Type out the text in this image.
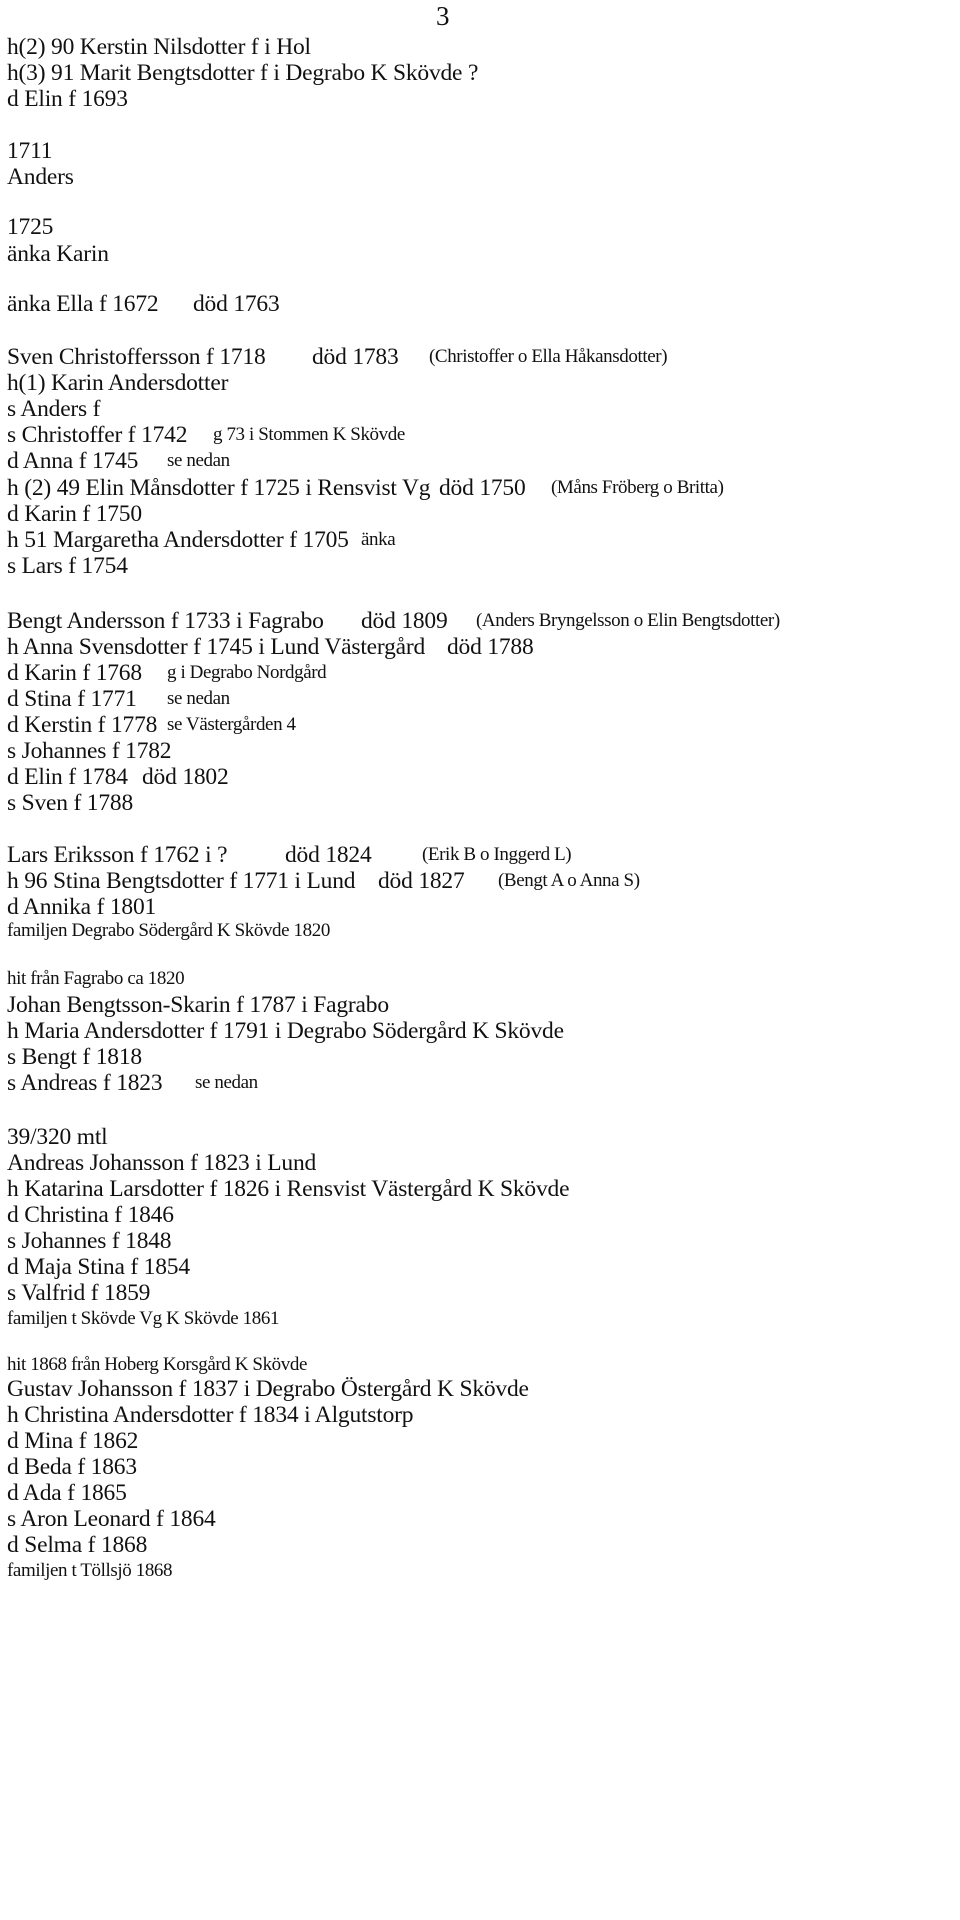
3
h(2) 90 Kerstin Nilsdotter f i Hol
h(3) 91 Marit Bengtsdotter f i Degrabo K Skövde ?
d Elin f 1693
1711
Anders
1725
änka Karin
änka Ella f 1672 död 1763
Sven Christoffersson f 1718 död 1783 (Christoffer o Ella Håkansdotter)
h(1) Karin Andersdotter
s Anders f
s Christoffer f 1742 g 73 i Stommen K Skövde
d Anna f 1745 se nedan
h (2) 49 Elin Månsdotter f 1725 i Rensvist Vg död 1750 (Måns Fröberg o Britta)
d Karin f 1750
h 51 Margaretha Andersdotter f 1705 änka
s Lars f 1754
Bengt Andersson f 1733 i Fagrabo död 1809 (Anders Bryngelsson o Elin Bengtsdotter)
h Anna Svensdotter f 1745 i Lund Västergård död 1788
d Karin f 1768 g i Degrabo Nordgård
d Stina f 1771 se nedan
d Kerstin f 1778 se Västergården 4
s Johannes f 1782
d Elin f 1784 död 1802
s Sven f 1788
Lars Eriksson f 1762 i ? död 1824	(Erik B o Inggerd L)
h 96 Stina Bengtsdotter f 1771 i Lund död 1827 (Bengt A o Anna S)
d Annika f 1801
familjen Degrabo Södergård K Skövde 1820
hit från Fagrabo ca 1820
Johan Bengtsson-Skarin f 1787 i Fagrabo
h Maria Andersdotter f 1791 i Degrabo Södergård K Skövde
s Bengt f 1818
s Andreas f 1823 se nedan
39/320 mtl
Andreas Johansson f 1823 i Lund
h Katarina Larsdotter f 1826 i Rensvist Västergård K Skövde
d Christina f 1846
s Johannes f 1848
d Maja Stina f 1854
s Valfrid f 1859
familjen t Skövde Vg K Skövde 1861
hit 1868 från Hoberg Korsgård K Skövde
Gustav Johansson f 1837 i Degrabo Östergård K Skövde
h Christina Andersdotter f 1834 i Algutstorp
d Mina f 1862
d Beda f 1863
d Ada f 1865
s Aron Leonard f 1864
d Selma f 1868
familjen t Töllsjö 1868
